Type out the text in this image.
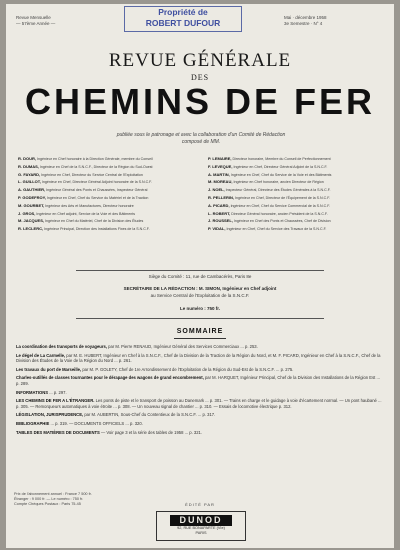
Propriété de
ROBERT DUFOUR
Revue Mensuelle
— 57ème Année —
Mai · décembre 1958
3e Semestre · N° 4
REVUE GÉNÉRALE
DES
CHEMINS DE FER
publiée sous le patronage et avec la collaboration d'un Comité de Rédaction
composé de MM.
R. DOUR, Ingénieur en Chef honoraire à la Direction Générale, membre du Conseil
R. DUMAS, Ingénieur en Chef de la S.N.C.F., Directeur de la Région du Sud-Ouest
G. FAYARD, Ingénieur en Chef, Directeur du Service Central de l'Exploitation
L. GUILLOT, Ingénieur en Chef, Directeur Général Adjoint honoraire de la S.N.C.F.
A. GAUTHIER, Ingénieur Général des Ponts et Chaussées, Inspecteur Général
P. GODEFROY, Ingénieur en Chef, Chef du Service du Matériel et de la Traction
M. GOURBET, Ingénieur des Arts et Manufactures, Directeur honoraire
J. GROS, Ingénieur en Chef adjoint, Service de la Voie et des Bâtiments
M. JACQUES, Ingénieur en Chef du Matériel, Chef de la Division des Études
R. LECLERC, Ingénieur Principal, Direction des Installations Fixes de la S.N.C.F.
P. LEMAIRE, Directeur honoraire, Membre du Conseil de Perfectionnement
F. LEVEQUE, Ingénieur en Chef, Directeur Général Adjoint de la S.N.C.F.
A. MARTIN, Ingénieur en Chef, Chef du Service de la Voie et des Bâtiments
M. MOREAU, Ingénieur en Chef honoraire, ancien Directeur de Région
J. NOEL, Inspecteur Général, Directeur des Études Générales à la S.N.C.F.
R. PELLERIN, Ingénieur en Chef, Directeur de l'Équipement de la S.N.C.F.
A. PICARD, Ingénieur en Chef, Chef du Service Commercial de la S.N.C.F.
L. ROBERT, Directeur Général honoraire, ancien Président de la S.N.C.F.
J. ROUSSEL, Ingénieur en Chef des Ponts et Chaussées, Chef de Division
P. VIDAL, Ingénieur en Chef, Chef du Service des Travaux de la S.N.C.F.
Siège du Comité : 11, rue de Cambacérès, Paris 8e
SECRÉTAIRE DE LA RÉDACTION : M. SIMON, Ingénieur en Chef adjoint
au Service Central de l'Exploitation de la S.N.C.F.
Le numéro : 750 fr.
SOMMAIRE
La coordination des transports de voyageurs, par M. Pierre RENAUD, Ingénieur Général des Services Commerciaux ... p. 253.
Le dégel de La Carmelle, par M. E. HUBERT, Ingénieur en Chef à la S.N.C.F., Chef de la Division de la Traction de la Région du Nord, et M. F. PICARD, Ingénieur en Chef à la S.N.C.F., Chef de la Division des Études de la Voie de la Région du Nord ... p. 261.
Les travaux du port de Marseille, par M. P. GOLETY, Chef de 1re Arrondissement de l'Exploitation de la Région du Sud-Est de la S.N.C.F. ... p. 275.
Charles-outillés de classes tournantes pour le dérapage des wagons de grand encombrement, par M. HARQUET, Ingénieur Principal, Chef de la Division des Installations de la Région Est ... p. 289.
INFORMATIONS ... p. 297.
LES CHEMINS DE FER A L'ÉTRANGER. Les ponts de piste et le transport de poisson au Danemark ... p. 301. — Trains en charge et le guidage à voie d'écartement normal. — Un pont haubané ... p. 305. — Remorqueurs automatiques à voie étroite ... p. 308. — Un nouveau signal de chantier ... p. 310. — Essais de locomotive électrique p. 312.
LÉGISLATION, JURISPRUDENCE, par M. AUBERTIN, Sous-Chef du Contentieux de la S.N.C.F. ... p. 317.
BIBLIOGRAPHIE ... p. 319. — DOCUMENTS OFFICIELS ... p. 320.
TABLES DES MATIÈRES DE DOCUMENTS — Voir page 3 et la série des tables de 1958 ... p. 321.
Prix de l'abonnement annuel : France 7 500 fr.
Étranger : 9 000 fr. — Le numéro : 750 fr.
Compte Chèques Postaux : Paris 75-45	ÉDITÉ PAR
DUNOD
92, RUE BONAPARTE (VIe)
PARIS
